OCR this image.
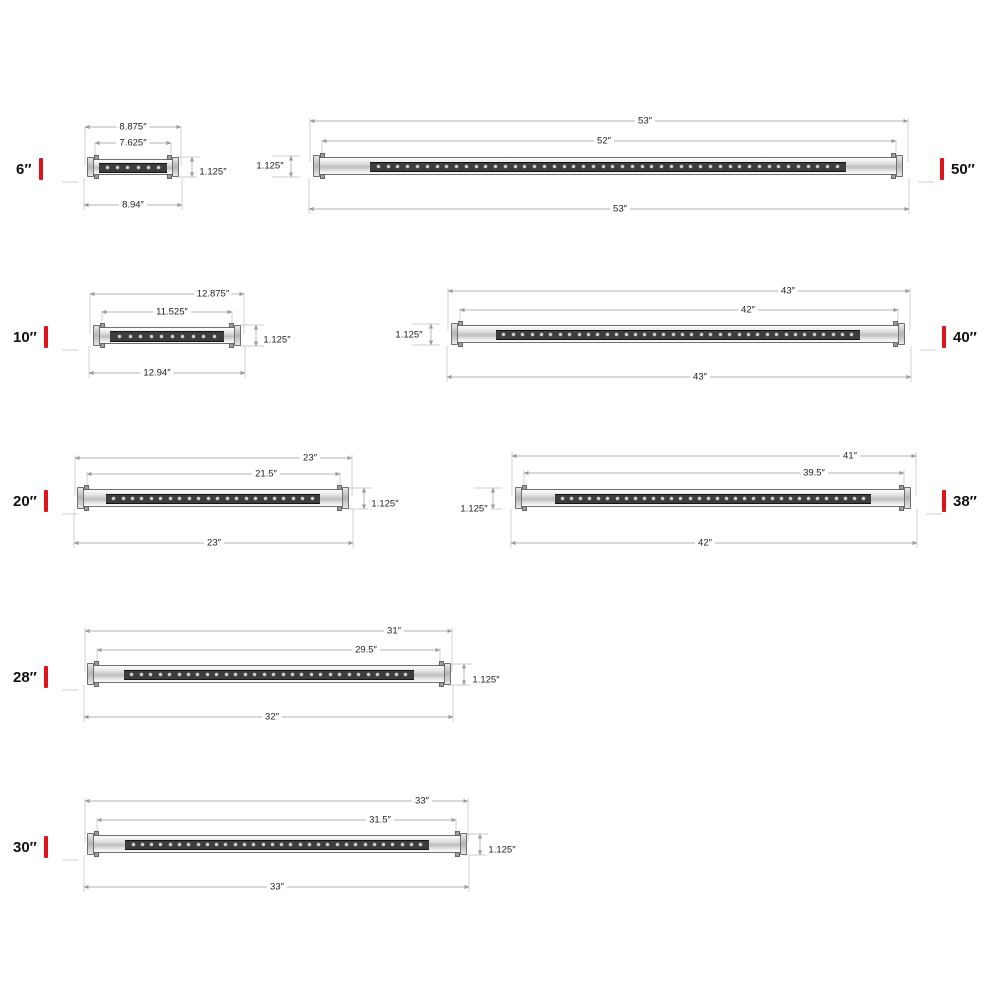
6″
8.875″
7.625″
8.94″
1.125″	50″
53″
52″
53″
1.125″
10″
12.875″
11.525″
12.94″
1.125″	40″
43″
42″
43″
1.125″
20″
23″
21.5″
23″
1.125″	38″
41″
39.5″
42″
1.125″
28″
31″
29.5″
32″
1.125″
30″
33″
31.5″
33″
1.125″
